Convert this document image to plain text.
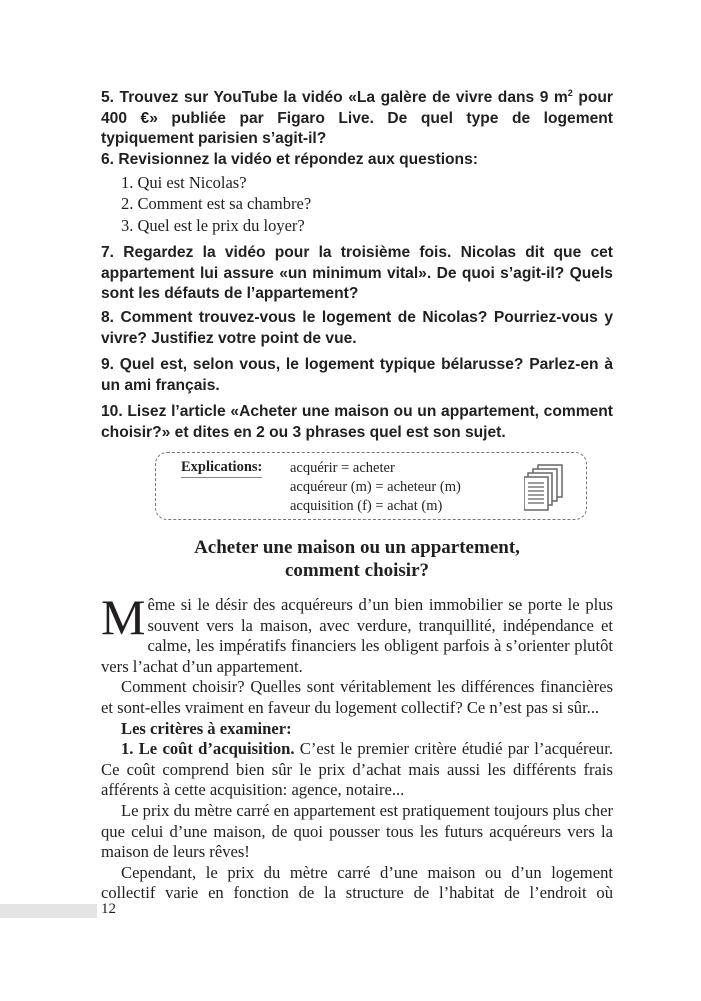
5. Trouvez sur YouTube la vidéo «La galère de vivre dans 9 $m^2$ pour 400 €» publiée par Figaro Live. De quel type de logement typiquement parisien s’agit-il?

6. Revisionnez la vidéo et répondez aux questions:

1. Qui est Nicolas?
2. Comment est sa chambre?
3. Quel est le prix du loyer?

7. Regardez la vidéo pour la troisième fois. Nicolas dit que cet appartement lui assure «un minimum vital». De quoi s’agit-il? Quels sont les défauts de l’appartement?

8. Comment trouvez-vous le logement de Nicolas? Pourriez-vous y vivre? Justifiez votre point de vue.

9. Quel est, selon vous, le logement typique bélarusse? Parlez-en à un ami français.

10. Lisez l’article «Acheter une maison ou un appartement, comment choisir?» et dites en 2 ou 3 phrases quel est son sujet.

Explications: acquérir = acheter
acquéreur (m) = acheteur (m)
acquisition (f) = achat (m)
Acheter une maison ou un appartement,
comment choisir?

Même si le désir des acquéreurs d’un bien immobilier se porte le plus souvent vers la maison, avec verdure, tranquillité, indépendance et calme, les impératifs financiers les obligent parfois à s’orienter plutôt vers l’achat d’un appartement.

Comment choisir? Quelles sont véritablement les différences financières et sont-elles vraiment en faveur du logement collectif? Ce n’est pas si sûr...

Les critères à examiner:

1. Le coût d’acquisition. C’est le premier critère étudié par l’acquéreur. Ce coût comprend bien sûr le prix d’achat mais aussi les différents frais afférents à cette acquisition: agence, notaire...

Le prix du mètre carré en appartement est pratiquement toujours plus cher que celui d’une maison, de quoi pousser tous les futurs acquéreurs vers la maison de leurs rêves!

Cependant, le prix du mètre carré d’une maison ou d’un logement collectif varie en fonction de la structure de l’habitat de l’endroit où

12
